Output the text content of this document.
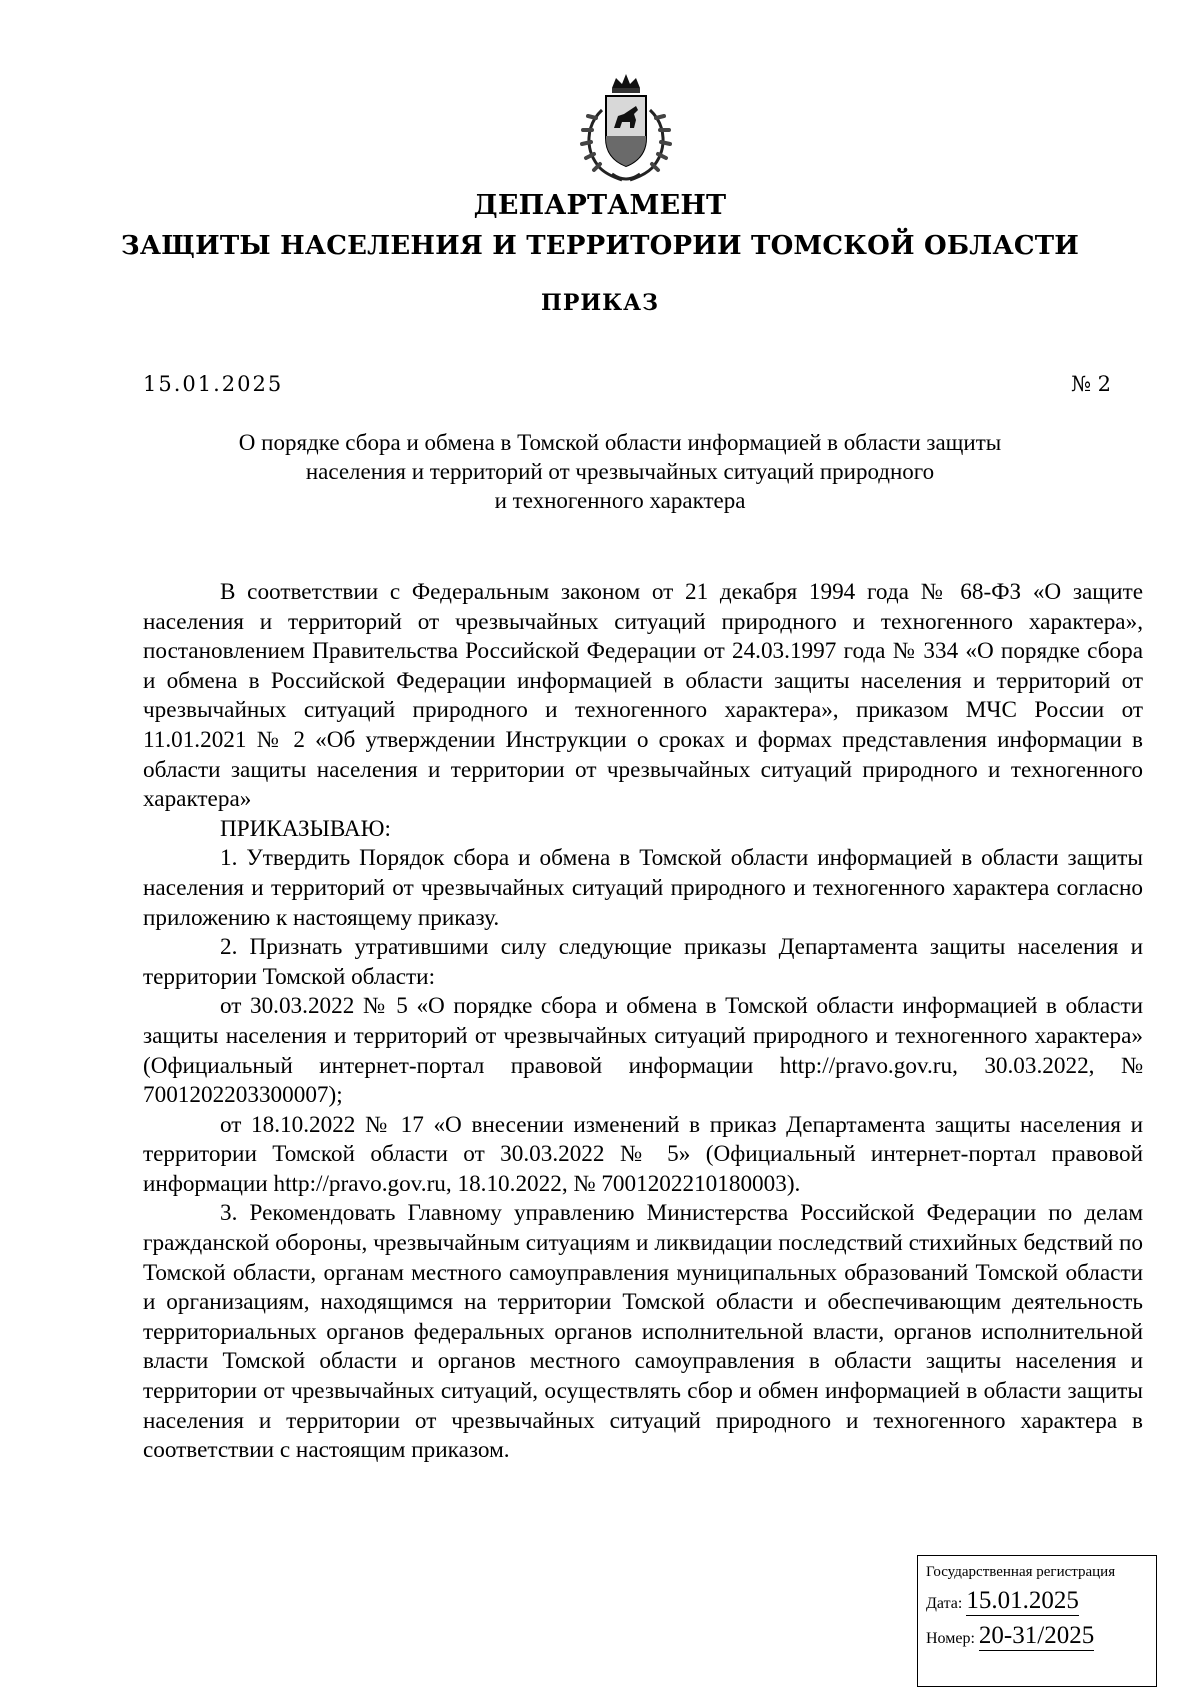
ДЕПАРТАМЕНТ
ЗАЩИТЫ НАСЕЛЕНИЯ И ТЕРРИТОРИИ ТОМСКОЙ ОБЛАСТИ
ПРИКАЗ
15.01.2025	№ 2
О порядке сбора и обмена в Томской области информацией в области защиты
населения и территорий от чрезвычайных ситуаций природного
и техногенного характера

В соответствии с Федеральным законом от 21 декабря 1994 года № 68-ФЗ «О защите населения и территорий от чрезвычайных ситуаций природного и техногенного характера», постановлением Правительства Российской Федерации от 24.03.1997 года № 334 «О порядке сбора и обмена в Российской Федерации информацией в области защиты населения и территорий от чрезвычайных ситуаций природного и техногенного характера», приказом МЧС России от 11.01.2021 № 2 «Об утверждении Инструкции о сроках и формах представления информации в области защиты населения и территории от чрезвычайных ситуаций природного и техногенного характера»

ПРИКАЗЫВАЮ:

1. Утвердить Порядок сбора и обмена в Томской области информацией в области защиты населения и территорий от чрезвычайных ситуаций природного и техногенного характера согласно приложению к настоящему приказу.

2. Признать утратившими силу следующие приказы Департамента защиты населения и территории Томской области:

от 30.03.2022 № 5 «О порядке сбора и обмена в Томской области информацией в области защиты населения и территорий от чрезвычайных ситуаций природного и техногенного характера» (Официальный интернет-портал правовой информации http://pravo.gov.ru, 30.03.2022, № 7001202203300007);

от 18.10.2022 № 17 «О внесении изменений в приказ Департамента защиты населения и территории Томской области от 30.03.2022 № 5» (Официальный интернет-портал правовой информации http://pravo.gov.ru, 18.10.2022, № 7001202210180003).

3. Рекомендовать Главному управлению Министерства Российской Федерации по делам гражданской обороны, чрезвычайным ситуациям и ликвидации последствий стихийных бедствий по Томской области, органам местного самоуправления муниципальных образований Томской области и организациям, находящимся на территории Томской области и обеспечивающим деятельность территориальных органов федеральных органов исполнительной власти, органов исполнительной власти Томской области и органов местного самоуправления в области защиты населения и территории от чрезвычайных ситуаций, осуществлять сбор и обмен информацией в области защиты населения и территории от чрезвычайных ситуаций природного и техногенного характера в соответствии с настоящим приказом.

Государственная регистрация
Дата: 15.01.2025
Номер: 20-31/2025
